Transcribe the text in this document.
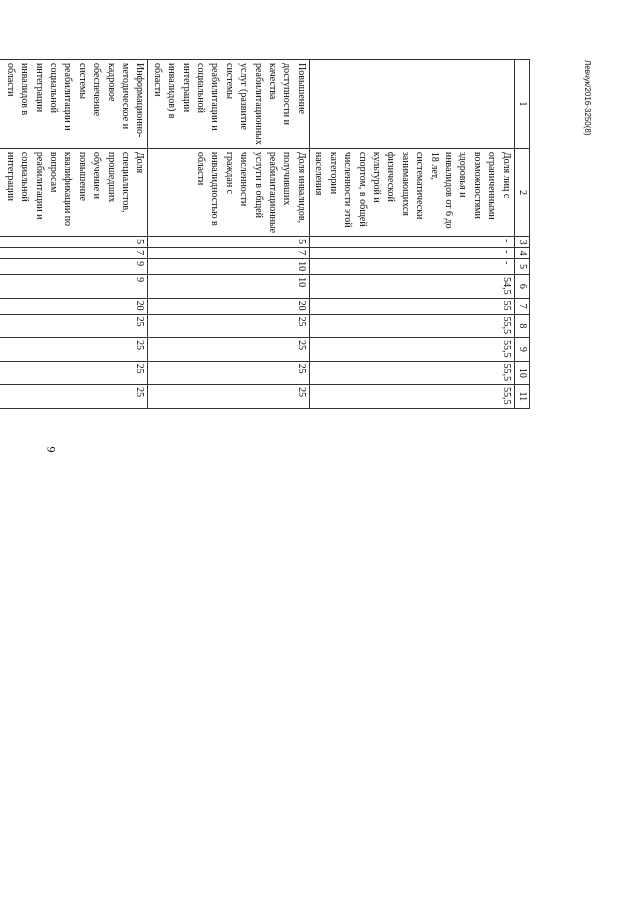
9
Левчук/2016-3250(8)
1	2	3	4	5	6	7	8	9	10	11
	Доля лиц с ограниченными возможностями здоровья и инвалидов от 6 до 18 лет, систематически занимающихся физической культурой и спортом, в общей численности этой категории населения	-	-	-	54,5	55	55,5	55,5	55,5	55,5
Повышение доступности и качества реабилитационных услуг (развитие системы реабилитации и социальной интеграции инвалидов) в области	Доля инвалидов, получивших реабилитационные услуги в общей численности граждан с инвалидностью в области	5	7	10	10	20	25	25	25	25
Информационно-методическое и кадровое обеспечение системы реабилитации и социальной интеграции инвалидов в области	Доля специалистов, прошедших обучение и повышение квалификации по вопросам реабилитации и социальной интеграции	5	7	9	9	20	25	25	25	25
